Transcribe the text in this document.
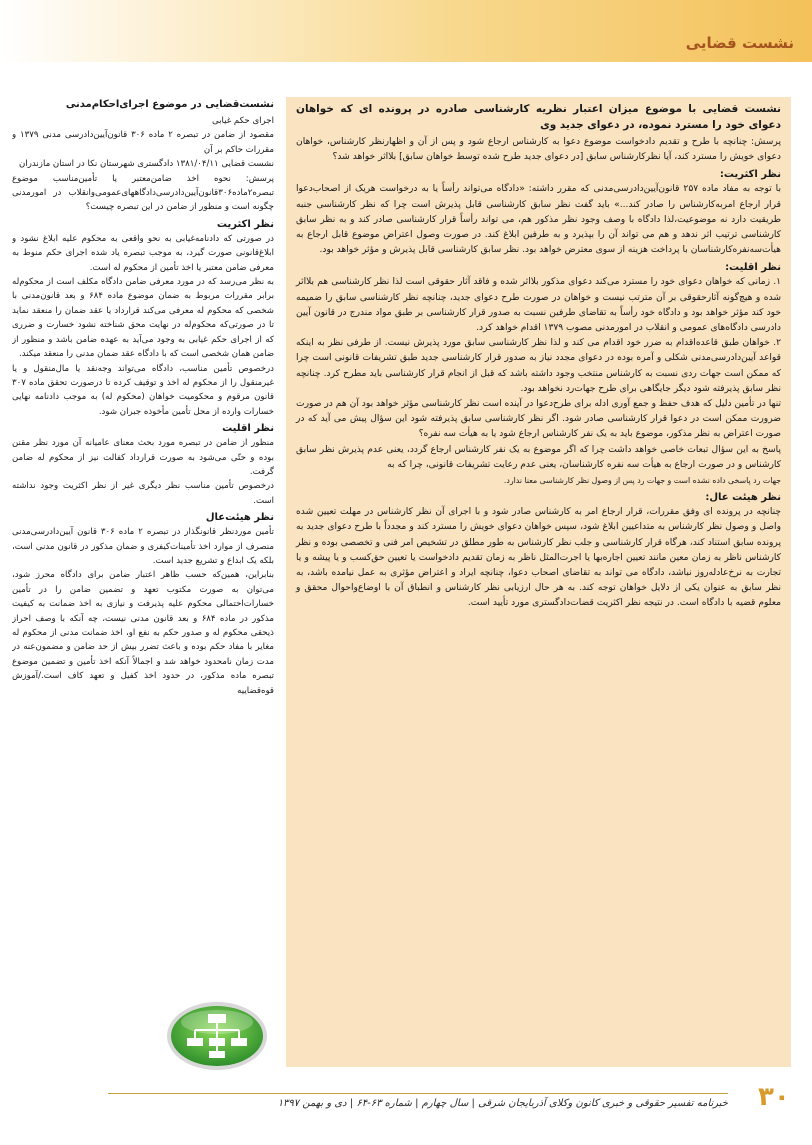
نشست قضایی

نشست قضایی با موضوع میزان اعتبار نظریه کارشناسی صادره در پرونده ای که خواهان دعوای خود را مسترد نموده، در دعوای جدید وی

پرسش: چنانچه با طرح و تقدیم دادخواست موضوع دعوا به کارشناس ارجاع شود و پس از آن و اظهارنظر کارشناس، خواهان دعوای خویش را مسترد کند، آیا نظرکارشناس سابق [در دعوای جدید طرح شده توسط خواهان سابق] بلااثر خواهد شد؟

نظر اکثریت:

با توجه به مفاد ماده ۲۵۷ قانون‌آیین‌دادرسی‌مدنی که مقرر داشته: «دادگاه می‌تواند رأساً یا به درخواست هریک از اصحاب‌دعوا قرار ارجاع امربه‌کارشناس را صادر کند...» باید گفت نظر سابق کارشناسی قابل پذیرش است چرا که نظر کارشناسی جنبه طریقیت دارد نه موضوعیت،لذا دادگاه با وصف وجود نظر مذکور هم، می تواند رأساً قرار کارشناسی صادر کند و به نظر سابق کارشناسی ترتیب اثر ندهد و هم می تواند آن را بپذیرد و به طرفین ابلاغ کند. در صورت وصول اعتراض موضوع قابل ارجاع به هیأت‌سه‌نفره‌کارشناسان با پرداخت هزینه از سوی معترض خواهد بود. نظر سابق کارشناسی قابل پذیرش و مؤثر خواهد بود.

نظر اقلیت:

۱. زمانی که خواهان دعوای خود را مسترد می‌کند دعوای مذکور بلااثر شده و فاقد آثار حقوقی است لذا نظر کارشناسی هم بلااثر شده و هیچ‌گونه آثارحقوقی بر آن مترتب نیست و خواهان در صورت طرح دعوای جدید، چنانچه نظر کارشناسی سابق را ضمیمه خود کند مؤثر خواهد بود و دادگاه خود رأساً به تقاضای طرفین نسبت به صدور قرار کارشناسی بر طبق مواد مندرج در قانون آیین دادرسی دادگاه‌های عمومی و انقلاب در امورمدنی مصوب ۱۳۷۹ اقدام خواهد کرد.

۲. خواهان طبق قاعده‌اقدام به ضرر خود اقدام می کند و لذا نظر کارشناسی سابق مورد پذیرش نیست. از طرفی نظر به اینکه قواعد آیین‌دادرسی‌مدنی شکلی و آمره بوده در دعوای مجدد نیاز به صدور قرار کارشناسی جدید طبق تشریفات قانونی است چرا که ممکن است جهات ردی نسبت به کارشناس منتخب وجود داشته باشد که قبل از انجام قرار کارشناسی باید مطرح کرد. چنانچه نظر سابق پذیرفته شود دیگر جایگاهی برای طرح جهات‌رد نخواهد بود.

تنها در تأمین دلیل که هدف حفظ و جمع آوری ادله برای طرح‌دعوا در آینده است نظر کارشناسی مؤثر خواهد بود آن هم در صورت ضرورت ممکن است در دعوا قرار کارشناسی صادر شود. اگر نظر کارشناسی سابق پذیرفته شود این سؤال پیش می آید که در صورت اعتراض به نظر مذکور، موضوع باید به یک نفر کارشناس ارجاع شود یا به هیأت سه نفره؟

پاسخ به این سؤال تبعات خاصی خواهد داشت چرا که اگر موضوع به یک نفر کارشناس ارجاع گردد، یعنی عدم پذیرش نظر سابق کارشناس و در صورت ارجاع به هیأت سه نفره کارشناسان، یعنی عدم رعایت تشریفات قانونی، چرا که به

جهات رد پاسخی داده نشده است و جهات رد پس از وصول نظر کارشناسی معنا ندارد.

نظر هیئت عال:

چنانچه در پرونده ای وفق مقررات، قرار ارجاع امر به کارشناس صادر شود و با اجرای آن نظر کارشناس در مهلت تعیین شده واصل و وصول نظر کارشناس به متداعیین ابلاغ شود، سپس خواهان دعوای خویش را مسترد کند و مجدداً با طرح دعوای جدید به پرونده سابق استناد کند، هرگاه قرار کارشناسی و جلب نظر کارشناس به طور مطلق در تشخیص امر فنی و تخصصی بوده و نظر کارشناس ناظر به زمان معین مانند تعیین اجاره‌بها یا اجرت‌المثل ناظر به زمان تقدیم دادخواست یا تعیین حق‌کسب و یا پیشه و یا تجارت به نرخ‌عادله‌روز نباشد، دادگاه می تواند به تقاضای اصحاب دعوا، چنانچه ایراد و اعتراض مؤثری به عمل نیامده باشد، به نظر سابق به عنوان یکی از دلایل خواهان توجه کند. به هر حال ارزیابی نظر کارشناس و انطباق آن با اوضاع‌واحوال محقق و معلوم قضیه با دادگاه است. در نتیجه نظر اکثریت قضات‌دادگستری مورد تأیید است.

نشست‌قضایی در موضوع اجرای‌احکام‌مدنی

اجرای حکم غیابی

مقصود از ضامن در تبصره ۲ ماده ۳۰۶ قانون‌آیین‌دادرسی مدنی ۱۳۷۹ و مقررات حاکم بر آن

نشست قضایی ۱۳۸۱/۰۴/۱۱ دادگستری شهرستان نکا در استان مازندران

پرسش: نحوه اخذ ضامن‌معتبر یا تأمین‌مناسب موضوع تبصره۲ماده۳۰۶قانون‌آیین‌دادرسی‌دادگاههای‌عمومی‌وانقلاب در امورمدنی چگونه است و منظور از ضامن در این تبصره چیست؟

نظر اکثریت

در صورتی که دادنامه‌غیابی به نحو واقعی به محکوم علیه ابلاغ نشود و ابلاغ‌قانونی صورت گیرد، به موجب تبصره یاد شده اجرای حکم منوط به معرفی ضامن معتبر یا اخذ تأمین از محکوم له است.

به نظر می‌رسد که در مورد معرفی ضامن دادگاه مکلف است از محکوم‌له برابر مقررات مربوط به ضمان موضوع ماده ۶۸۴ و بعد قانون‌مدنی با شخصی که محکوم له معرفی می‌کند قرارداد یا عقد ضمان را منعقد نماید تا در صورتی‌که محکوم‌له در نهایت محق شناخته نشود خسارت و ضرری که از اجرای حکم غیابی به وجود می‌آید به عهده ضامن باشد و منظور از ضامن همان شخصی است که با دادگاه عقد ضمان مدنی را منعقد میکند.

درخصوص تأمین مناسب، دادگاه می‌تواند وجه‌نقد یا مال‌منقول و یا غیرمنقول را از محکوم له اخذ و توقیف کرده تا درصورت تحقق ماده ۳۰۷ قانون مرقوم و محکومیت خواهان (محکوم له) به موجب دادنامه نهایی خسارات وارده از محل تأمین مأخوذه جبران شود.

نظر اقلیت

منظور از ضامن در تبصره مورد بحث معنای عامیانه آن مورد نظر مقنن بوده و حتّی می‌شود به صورت قرارداد کفالت نیز از محکوم له ضامن گرفت.

درخصوص تأمین مناسب نظر دیگری غیر از نظر اکثریت وجود نداشته است.

نظر هیئت‌عال

تأمین موردنظر قانونگذار در تبصره ۲ ماده ۳۰۶ قانون آیین‌دادرسی‌مدنی منصرف از موارد اخذ تأمینات‌کیفری و ضمان مذکور در قانون مدنی است، بلکه یک ابداع و تشریع جدید است.

بنابراین، همین‌که حسب ظاهر اعتبار ضامن برای دادگاه محرز شود، می‌توان به صورت مکتوب تعهد و تضمین ضامن را در تأمین خسارات‌احتمالی محکوم علیه پذیرفت و نیازی به اخذ ضمانت به کیفیت مذکور در ماده ۶۸۴ و بعد قانون مدنی نیست، چه آنکه با وصف احراز ذیحقی محکوم له و صدور حکم به نفع او، اخذ ضمانت مدنی از محکوم له مغایر با مفاد حکم بوده و باعث تضرر بیش از حد ضامن و مضمون‌عنه در مدت زمان نامحدود خواهد شد و اجمالاً آنکه اخذ تأمین و تضمین موضوع تبصره ماده مذکور، در حدود اخذ کفیل و تعهد کاف است./آموزش قوه‌قضاییه

خبرنامه تفسیر حقوقی و خبری کانون وکلای آذربایجان شرقی | سال چهارم | شماره ۶۳-۶۴ | دی و بهمن ۱۳۹۷ ۳۰
